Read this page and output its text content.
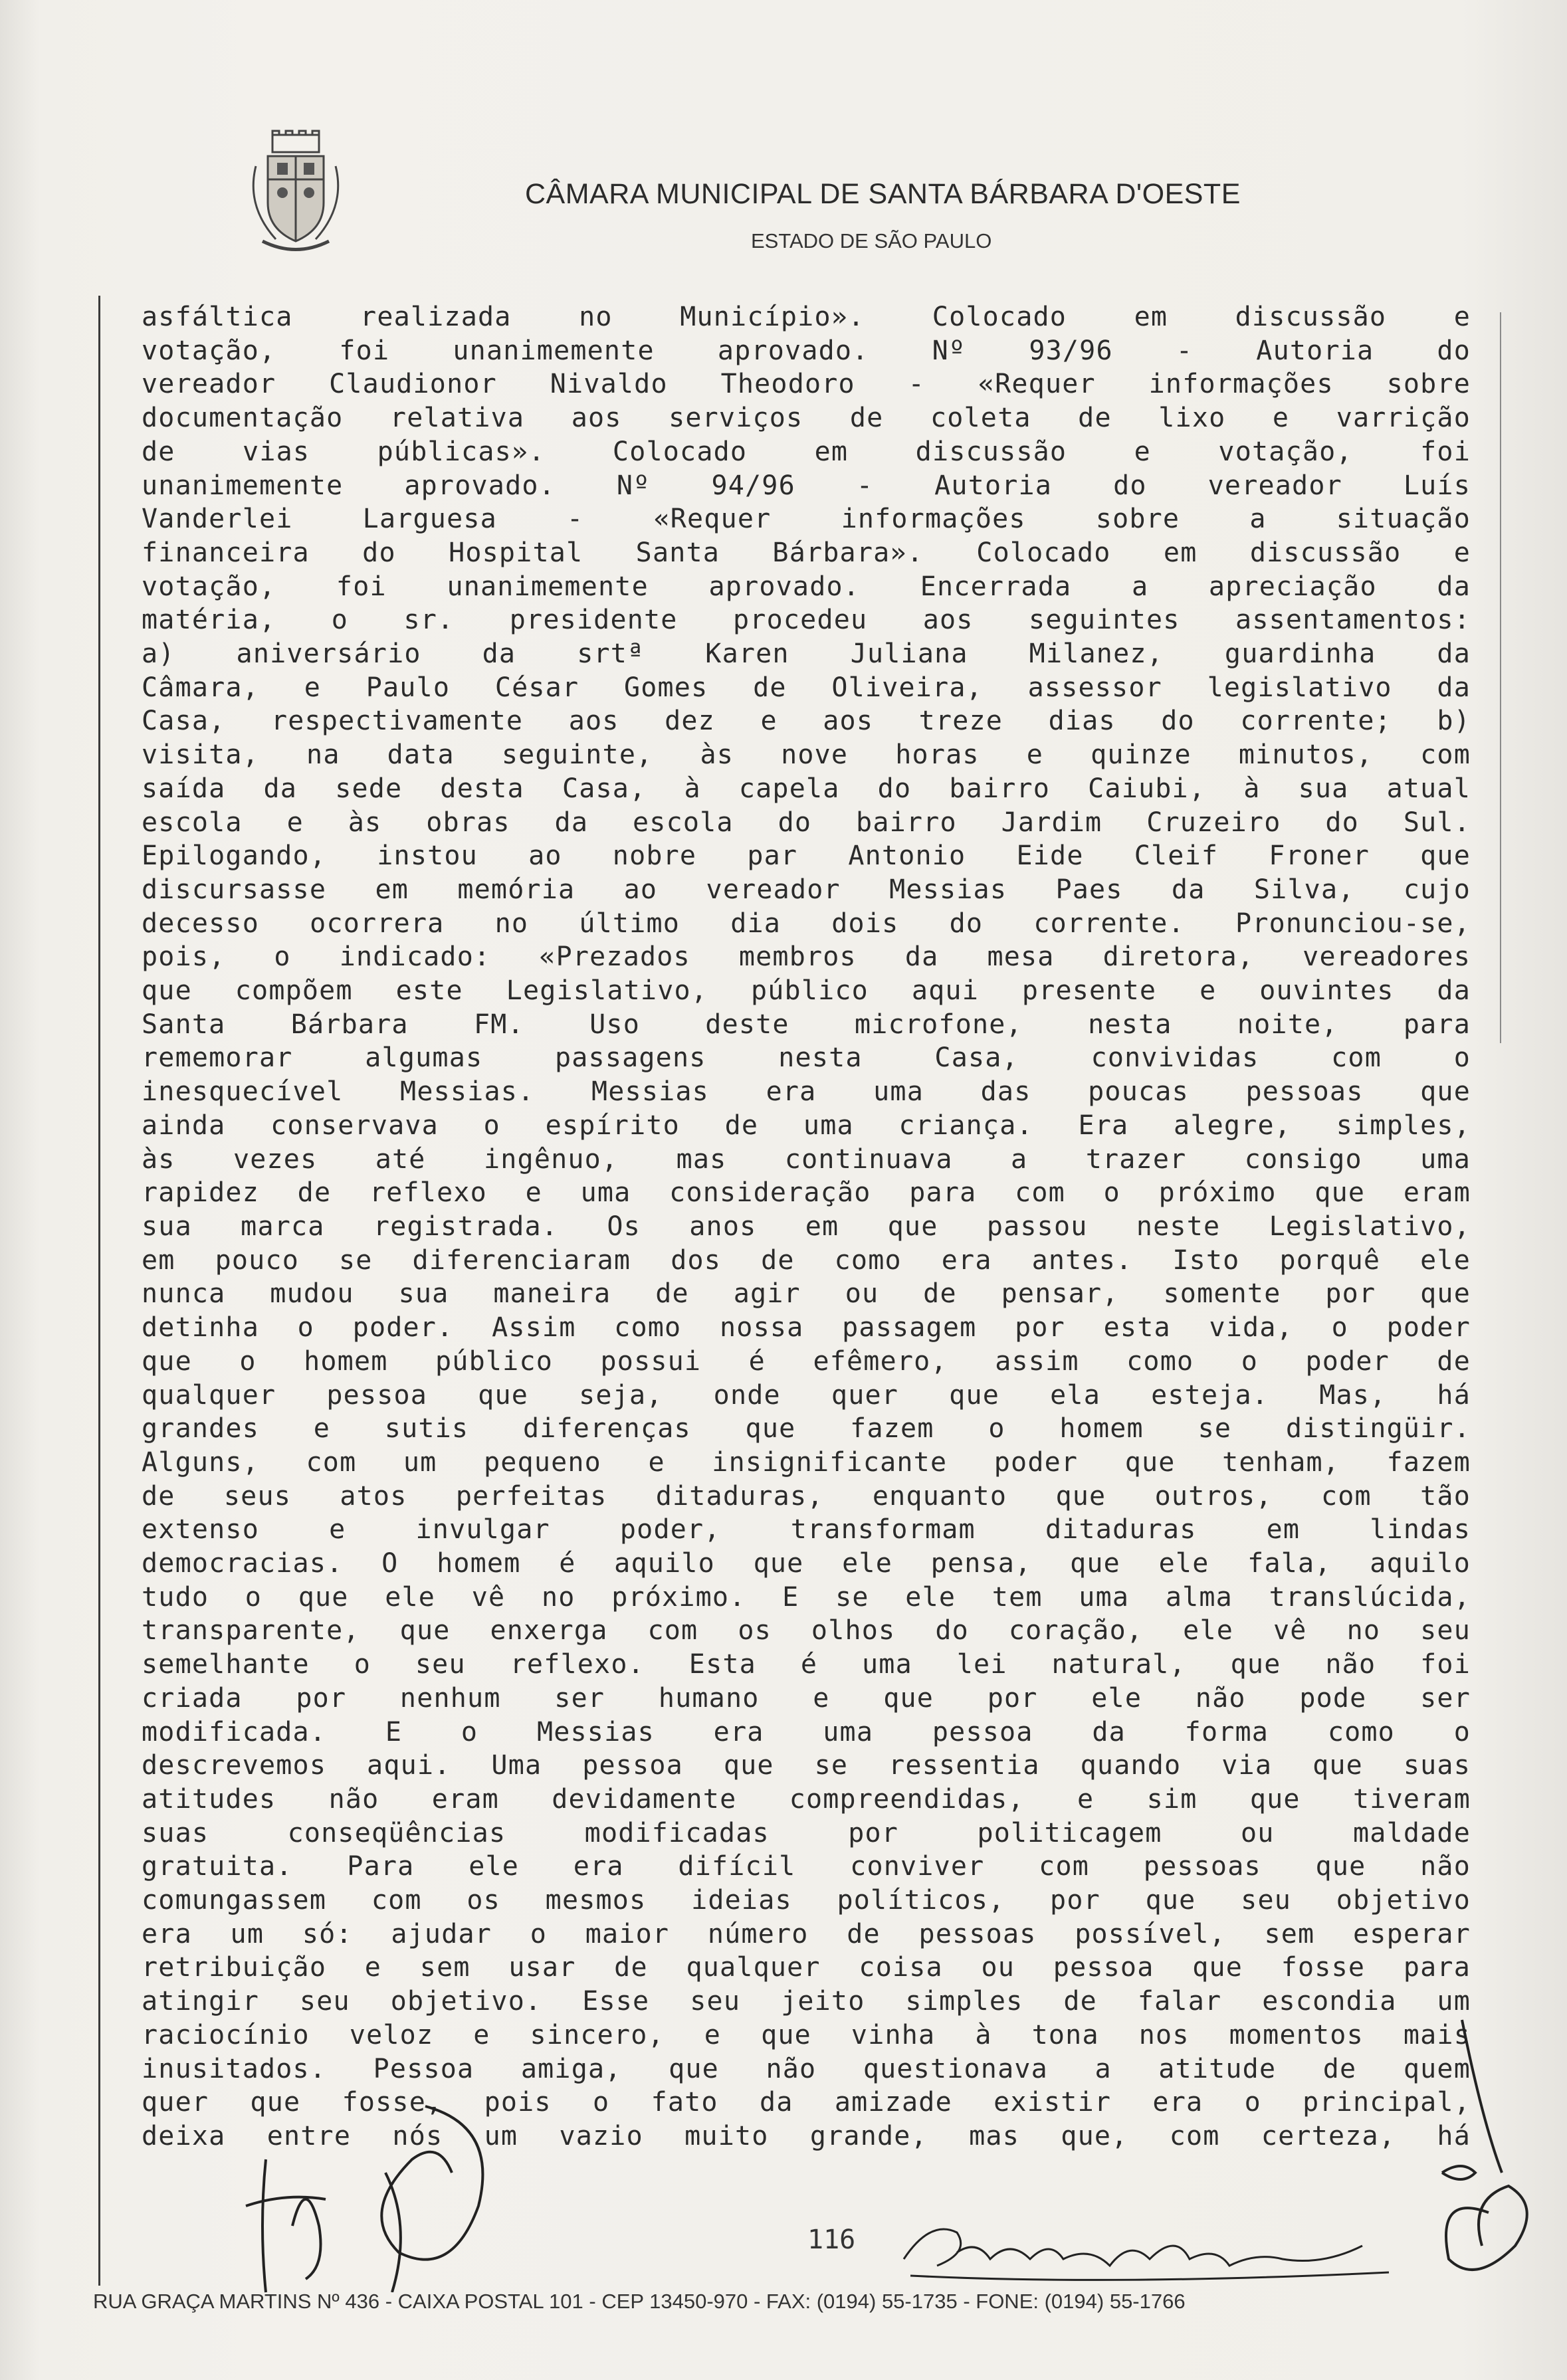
CÂMARA MUNICIPAL DE SANTA BÁRBARA D'OESTE
ESTADO DE SÃO PAULO
asfáltica realizada no Município». Colocado em discussão e
votação, foi unanimemente aprovado. Nº 93/96 - Autoria do
vereador Claudionor Nivaldo Theodoro - «Requer informações sobre
documentação relativa aos serviços de coleta de lixo e varrição
de vias públicas». Colocado em discussão e votação, foi
unanimemente aprovado. Nº 94/96 - Autoria do vereador Luís
Vanderlei Larguesa - «Requer informações sobre a situação
financeira do Hospital Santa Bárbara». Colocado em discussão e
votação, foi unanimemente aprovado. Encerrada a apreciação da
matéria, o sr. presidente procedeu aos seguintes assentamentos:
a) aniversário da srtª Karen Juliana Milanez, guardinha da
Câmara, e Paulo César Gomes de Oliveira, assessor legislativo da
Casa, respectivamente aos dez e aos treze dias do corrente; b)
visita, na data seguinte, às nove horas e quinze minutos, com
saída da sede desta Casa, à capela do bairro Caiubi, à sua atual
escola e às obras da escola do bairro Jardim Cruzeiro do Sul.
Epilogando, instou ao nobre par Antonio Eide Cleif Froner que
discursasse em memória ao vereador Messias Paes da Silva, cujo
decesso ocorrera no último dia dois do corrente. Pronunciou-se,
pois, o indicado: «Prezados membros da mesa diretora, vereadores
que compõem este Legislativo, público aqui presente e ouvintes da
Santa Bárbara FM. Uso deste microfone, nesta noite, para
rememorar algumas passagens nesta Casa, convividas com o
inesquecível Messias. Messias era uma das poucas pessoas que
ainda conservava o espírito de uma criança. Era alegre, simples,
às vezes até ingênuo, mas continuava a trazer consigo uma
rapidez de reflexo e uma consideração para com o próximo que eram
sua marca registrada. Os anos em que passou neste Legislativo,
em pouco se diferenciaram dos de como era antes. Isto porquê ele
nunca mudou sua maneira de agir ou de pensar, somente por que
detinha o poder. Assim como nossa passagem por esta vida, o poder
que o homem público possui é efêmero, assim como o poder de
qualquer pessoa que seja, onde quer que ela esteja. Mas, há
grandes e sutis diferenças que fazem o homem se distingüir.
Alguns, com um pequeno e insignificante poder que tenham, fazem
de seus atos perfeitas ditaduras, enquanto que outros, com tão
extenso e invulgar poder, transformam ditaduras em lindas
democracias. O homem é aquilo que ele pensa, que ele fala, aquilo
tudo o que ele vê no próximo. E se ele tem uma alma translúcida,
transparente, que enxerga com os olhos do coração, ele vê no seu
semelhante o seu reflexo. Esta é uma lei natural, que não foi
criada por nenhum ser humano e que por ele não pode ser
modificada. E o Messias era uma pessoa da forma como o
descrevemos aqui. Uma pessoa que se ressentia quando via que suas
atitudes não eram devidamente compreendidas, e sim que tiveram
suas conseqüências modificadas por politicagem ou maldade
gratuita. Para ele era difícil conviver com pessoas que não
comungassem com os mesmos ideias políticos, por que seu objetivo
era um só: ajudar o maior número de pessoas possível, sem esperar
retribuição e sem usar de qualquer coisa ou pessoa que fosse para
atingir seu objetivo. Esse seu jeito simples de falar escondia um
raciocínio veloz e sincero, e que vinha à tona nos momentos mais
inusitados. Pessoa amiga, que não questionava a atitude de quem
quer que fosse, pois o fato da amizade existir era o principal,
deixa entre nós um vazio muito grande, mas que, com certeza, há
116
RUA GRAÇA MARTINS Nº 436 - CAIXA POSTAL 101 - CEP 13450-970 - FAX: (0194) 55-1735 - FONE: (0194) 55-1766
